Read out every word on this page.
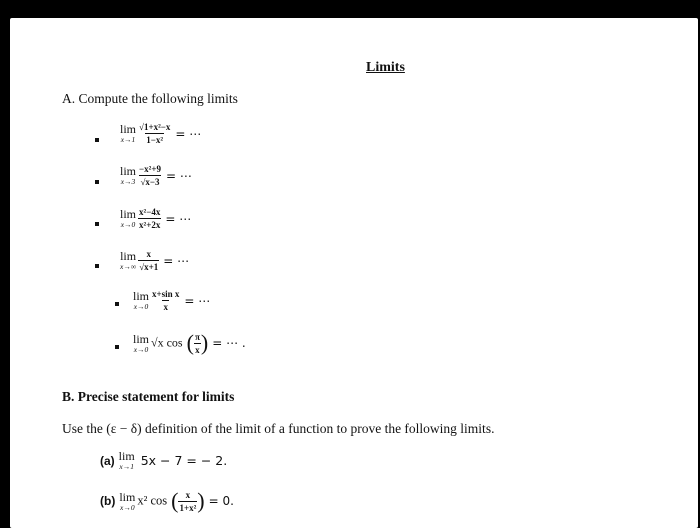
Limits
A. Compute the following limits
lim
$x\to 1 \frac{\text{√1+x²−x}}{\text{1−x²}}$ = ⋯
lim
$x\to 3 \frac{\text{−x²+9}}{√x-3}$ = ⋯
lim
$x\to 0 \frac{\text{x²−4x}}{\text{x²+2x}}$ = ⋯
lim
$x\to\infty \frac{x}{√x+1}$ = ⋯
lim
$x\to 0 \frac{\text{x+sin x}}{x}$ = ⋯
lim
x→0 √x cos ( $\frac{\pi}{x}$ ) = ⋯ .
B. Precise statement for limits
Use the (ε − δ) definition of the limit of a function to prove the following limits.
(a) lim
x→1 5x − 7 = − 2.
(b) lim
x→0 x² cos ( $\frac{x}{\text{1+x²}}$ ) = 0.
